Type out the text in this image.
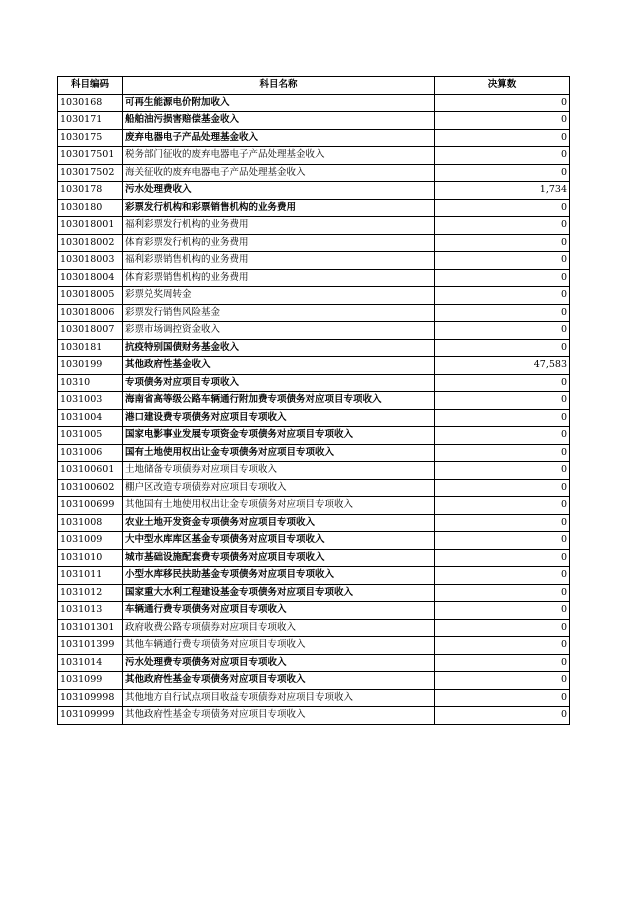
科目编码	科目名称	决算数
1030168	可再生能源电价附加收入	0
1030171	船舶油污损害赔偿基金收入	0
1030175	废弃电器电子产品处理基金收入	0
103017501	税务部门征收的废弃电器电子产品处理基金收入	0
103017502	海关征收的废弃电器电子产品处理基金收入	0
1030178	污水处理费收入	1,734
1030180	彩票发行机构和彩票销售机构的业务费用	0
103018001	福利彩票发行机构的业务费用	0
103018002	体育彩票发行机构的业务费用	0
103018003	福利彩票销售机构的业务费用	0
103018004	体育彩票销售机构的业务费用	0
103018005	彩票兑奖周转金	0
103018006	彩票发行销售风险基金	0
103018007	彩票市场调控资金收入	0
1030181	抗疫特别国债财务基金收入	0
1030199	其他政府性基金收入	47,583
10310	专项债务对应项目专项收入	0
1031003	海南省高等级公路车辆通行附加费专项债务对应项目专项收入	0
1031004	港口建设费专项债务对应项目专项收入	0
1031005	国家电影事业发展专项资金专项债务对应项目专项收入	0
1031006	国有土地使用权出让金专项债务对应项目专项收入	0
103100601	土地储备专项债券对应项目专项收入	0
103100602	棚户区改造专项债券对应项目专项收入	0
103100699	其他国有土地使用权出让金专项债务对应项目专项收入	0
1031008	农业土地开发资金专项债务对应项目专项收入	0
1031009	大中型水库库区基金专项债务对应项目专项收入	0
1031010	城市基础设施配套费专项债务对应项目专项收入	0
1031011	小型水库移民扶助基金专项债务对应项目专项收入	0
1031012	国家重大水利工程建设基金专项债务对应项目专项收入	0
1031013	车辆通行费专项债务对应项目专项收入	0
103101301	政府收费公路专项债券对应项目专项收入	0
103101399	其他车辆通行费专项债务对应项目专项收入	0
1031014	污水处理费专项债务对应项目专项收入	0
1031099	其他政府性基金专项债务对应项目专项收入	0
103109998	其他地方自行试点项目收益专项债券对应项目专项收入	0
103109999	其他政府性基金专项债务对应项目专项收入	0
